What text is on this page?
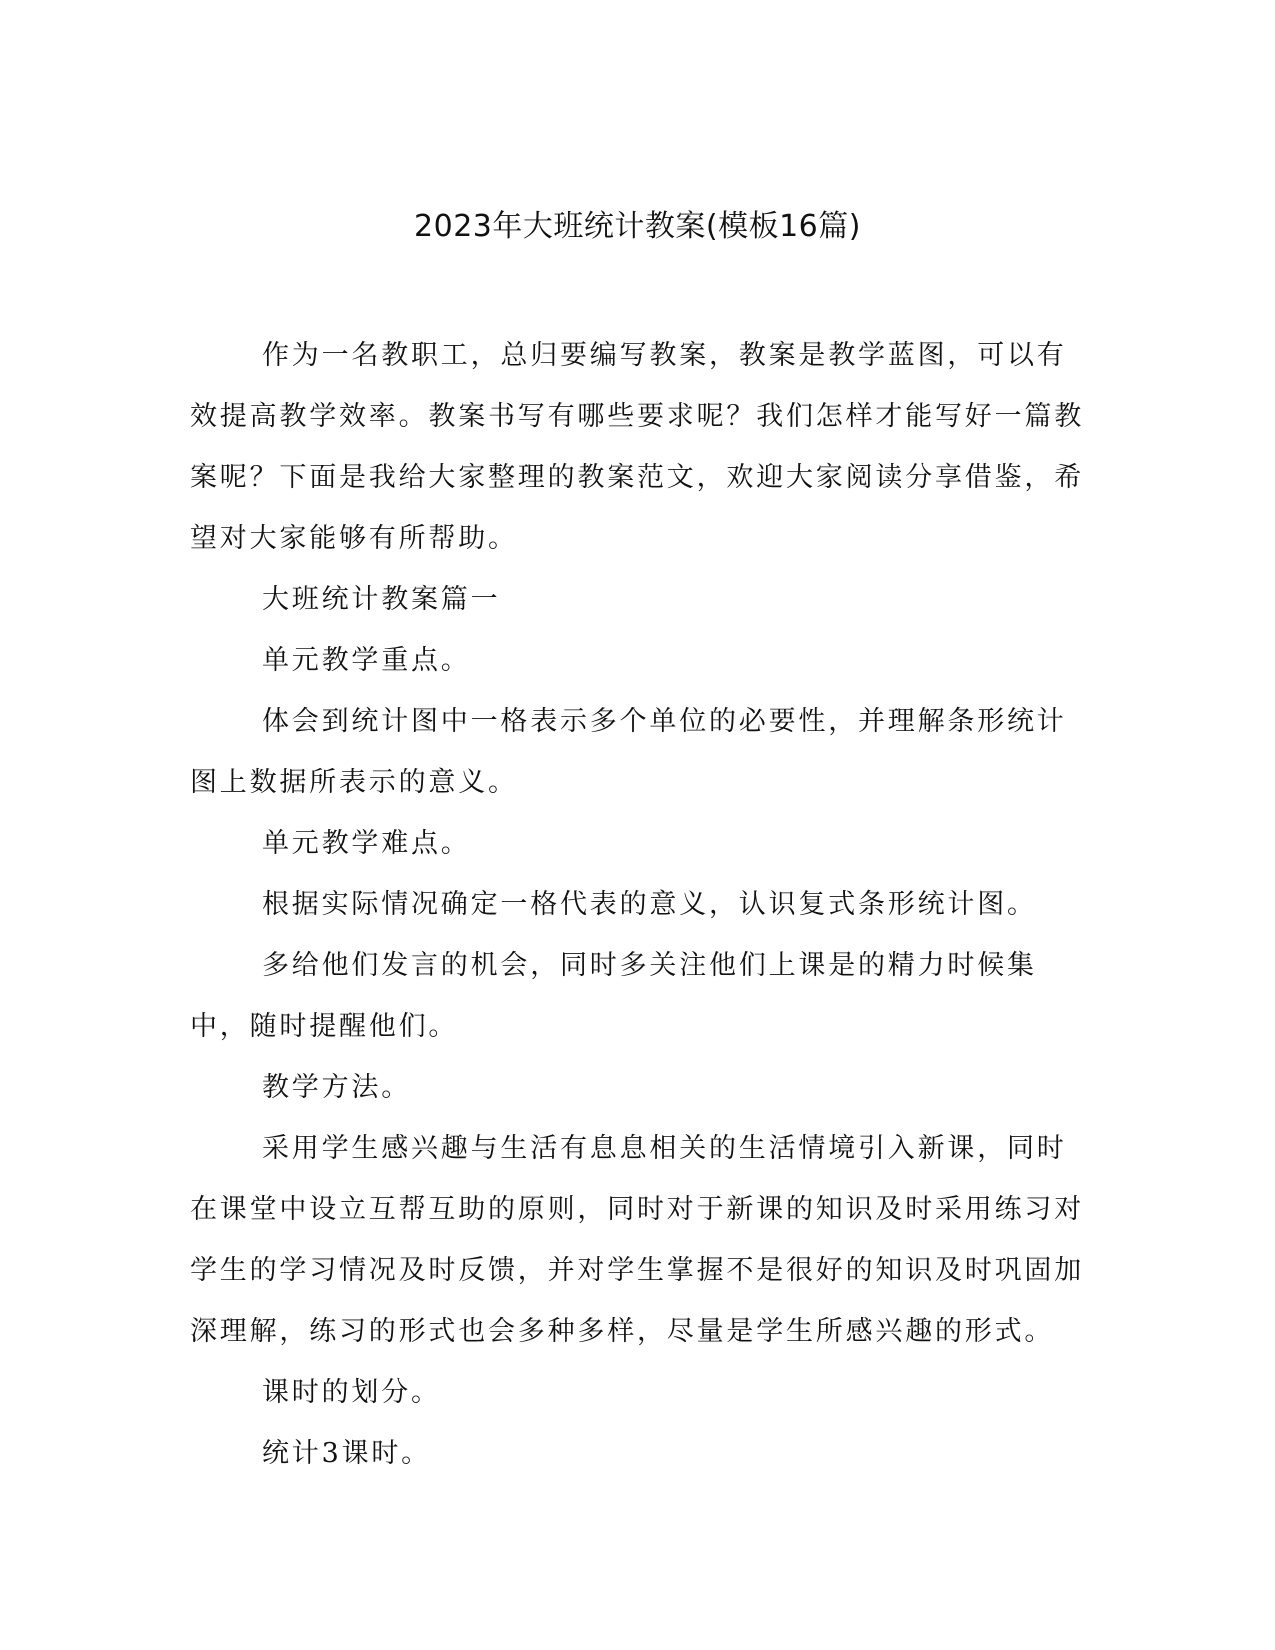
2023年大班统计教案(模板16篇)

作为一名教职工，总归要编写教案，教案是教学蓝图，可以有效提高教学效率。教案书写有哪些要求呢？我们怎样才能写好一篇教案呢？下面是我给大家整理的教案范文，欢迎大家阅读分享借鉴，希望对大家能够有所帮助。

大班统计教案篇一

单元教学重点。

体会到统计图中一格表示多个单位的必要性，并理解条形统计图上数据所表示的意义。

单元教学难点。

根据实际情况确定一格代表的意义，认识复式条形统计图。

多给他们发言的机会，同时多关注他们上课是的精力时候集中，随时提醒他们。

教学方法。

采用学生感兴趣与生活有息息相关的生活情境引入新课，同时在课堂中设立互帮互助的原则，同时对于新课的知识及时采用练习对学生的学习情况及时反馈，并对学生掌握不是很好的知识及时巩固加深理解，练习的形式也会多种多样，尽量是学生所感兴趣的形式。

课时的划分。

统计3课时。
